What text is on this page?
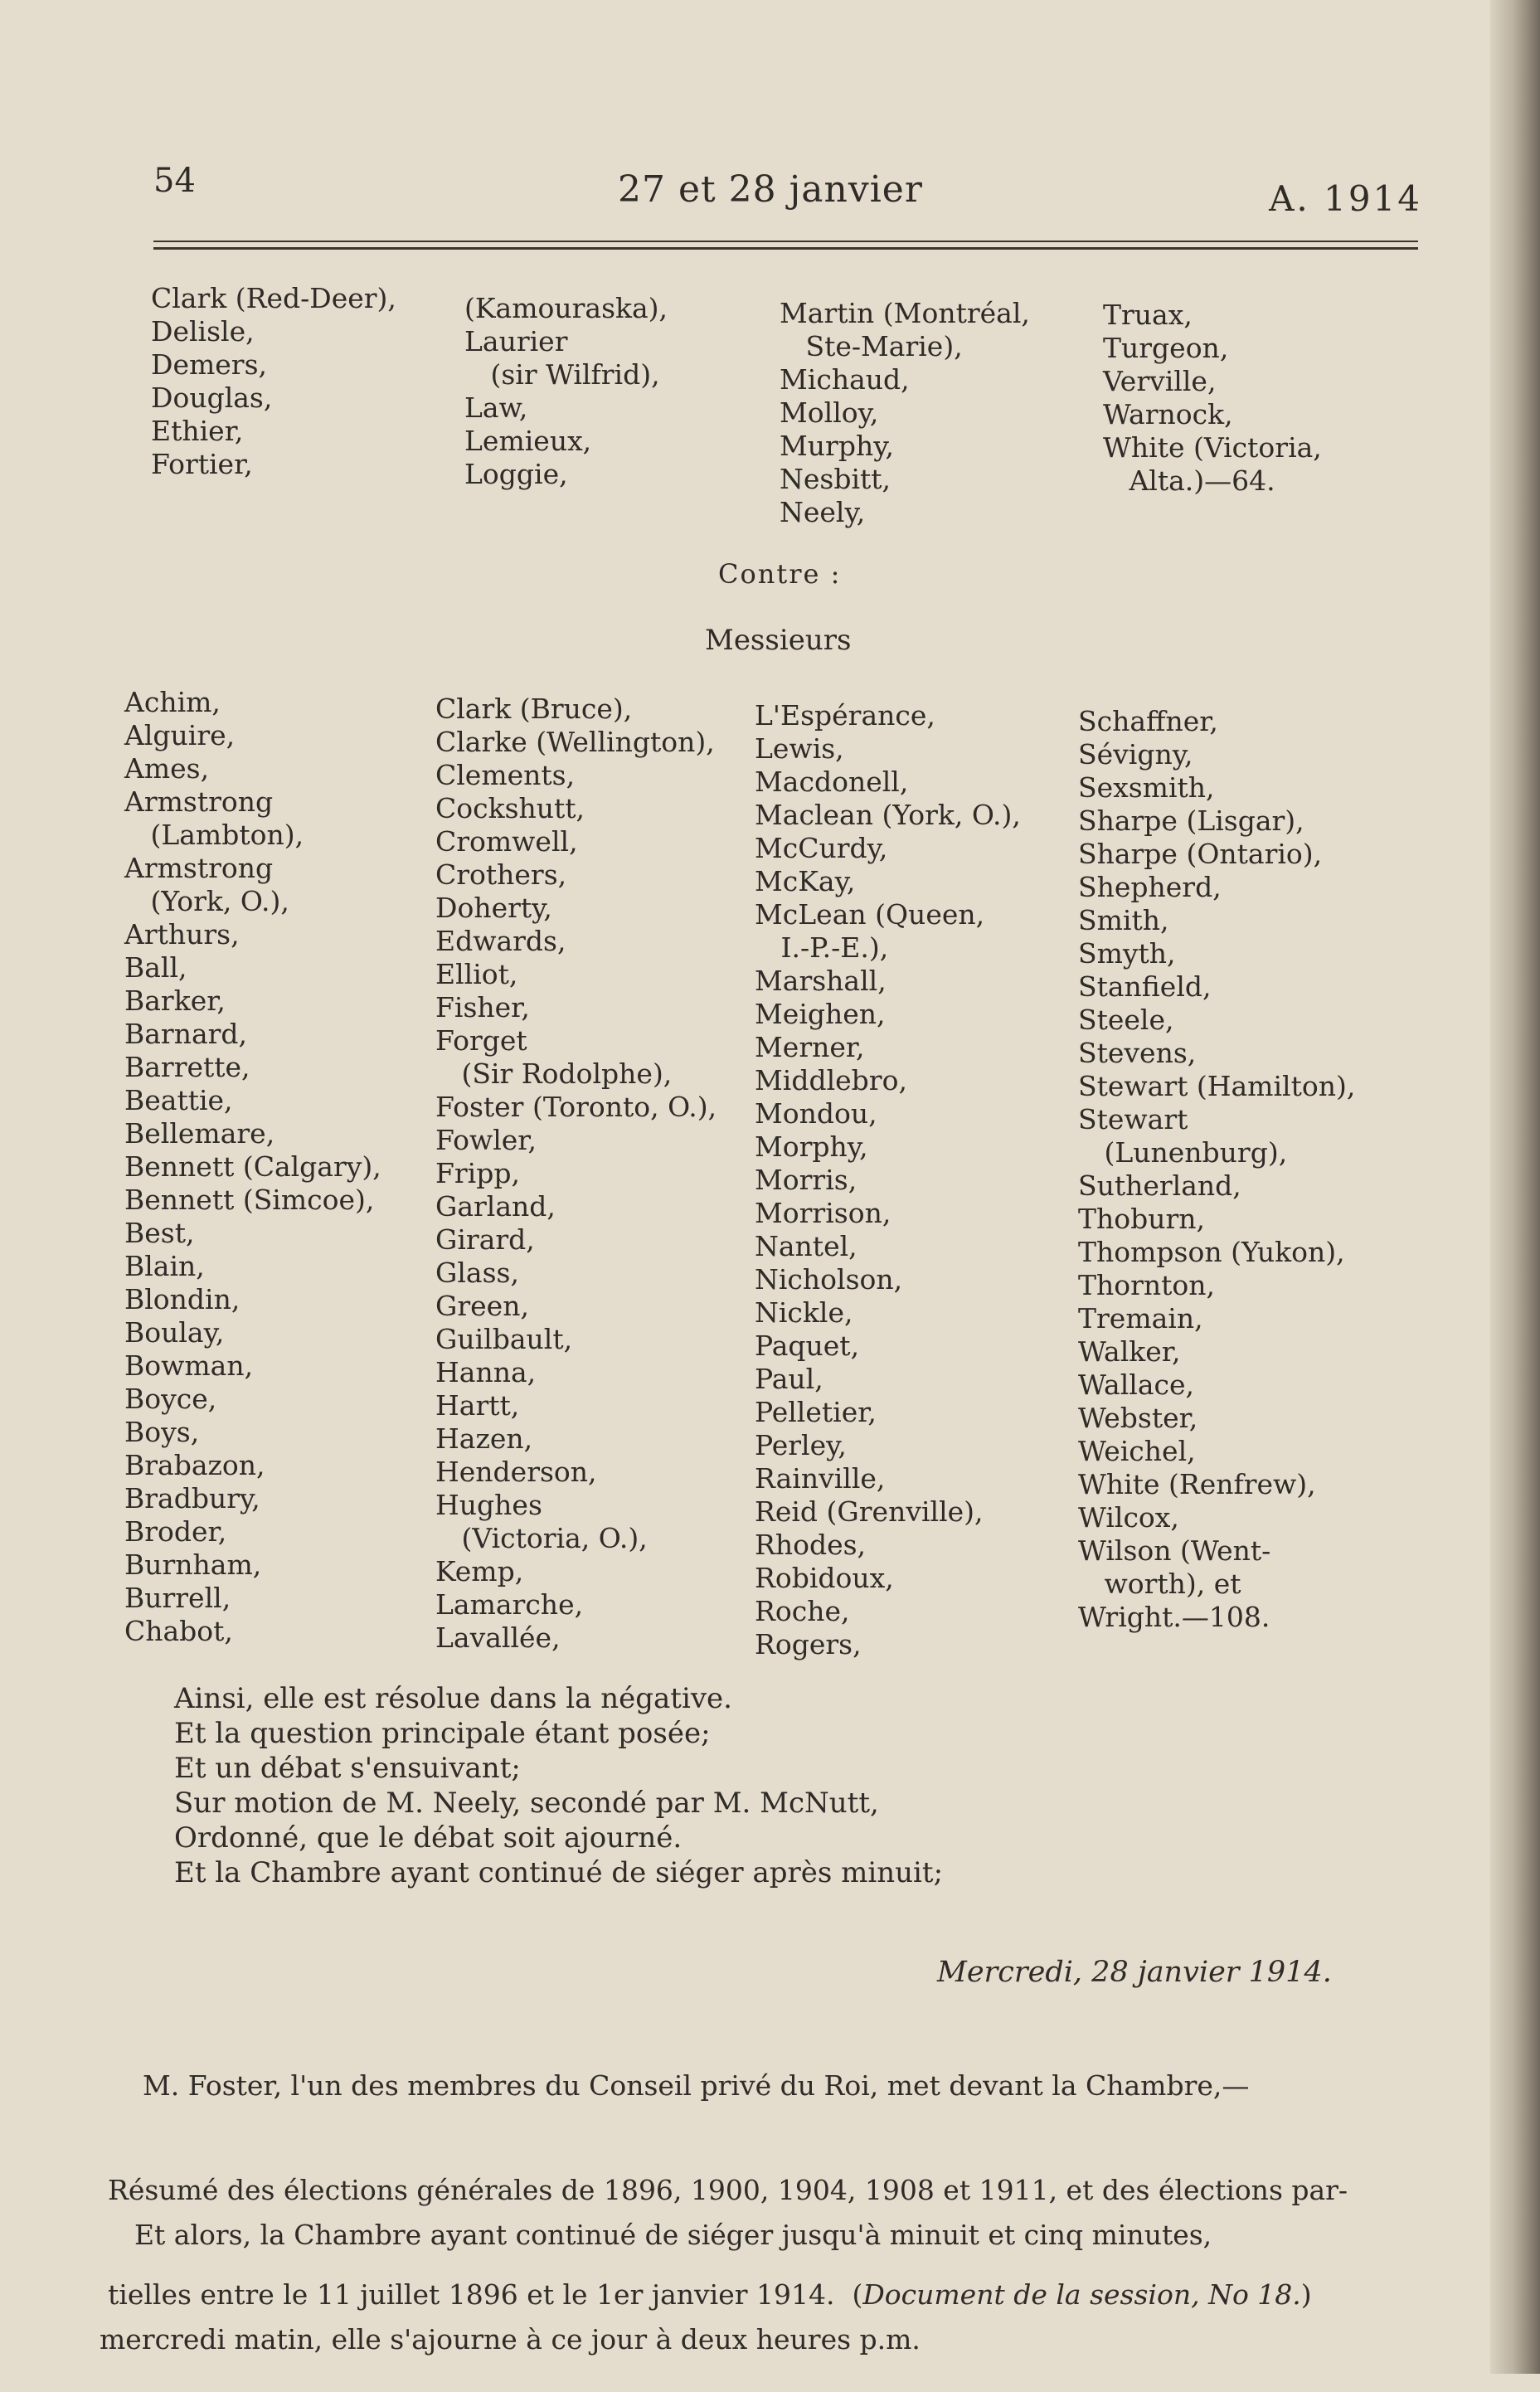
54	27 et 28 janvier	A. 1914
Clark (Red-Deer),
Delisle,
Demers,
Douglas,
Ethier,
Fortier,
(Kamouraska),
Laurier
(sir Wilfrid),
Law,
Lemieux,
Loggie,
Martin (Montréal,
Ste-Marie),
Michaud,
Molloy,
Murphy,
Nesbitt,
Neely,
Truax,
Turgeon,
Verville,
Warnock,
White (Victoria,
Alta.)—64.
Contre :
Messieurs
Achim,
Alguire,
Ames,
Armstrong
(Lambton),
Armstrong
(York, O.),
Arthurs,
Ball,
Barker,
Barnard,
Barrette,
Beattie,
Bellemare,
Bennett (Calgary),
Bennett (Simcoe),
Best,
Blain,
Blondin,
Boulay,
Bowman,
Boyce,
Boys,
Brabazon,
Bradbury,
Broder,
Burnham,
Burrell,
Chabot,
Clark (Bruce),
Clarke (Wellington),
Clements,
Cockshutt,
Cromwell,
Crothers,
Doherty,
Edwards,
Elliot,
Fisher,
Forget
(Sir Rodolphe),
Foster (Toronto, O.),
Fowler,
Fripp,
Garland,
Girard,
Glass,
Green,
Guilbault,
Hanna,
Hartt,
Hazen,
Henderson,
Hughes
(Victoria, O.),
Kemp,
Lamarche,
Lavallée,
L'Espérance,
Lewis,
Macdonell,
Maclean (York, O.),
McCurdy,
McKay,
McLean (Queen,
I.-P.-E.),
Marshall,
Meighen,
Merner,
Middlebro,
Mondou,
Morphy,
Morris,
Morrison,
Nantel,
Nicholson,
Nickle,
Paquet,
Paul,
Pelletier,
Perley,
Rainville,
Reid (Grenville),
Rhodes,
Robidoux,
Roche,
Rogers,
Schaffner,
Sévigny,
Sexsmith,
Sharpe (Lisgar),
Sharpe (Ontario),
Shepherd,
Smith,
Smyth,
Stanfield,
Steele,
Stevens,
Stewart (Hamilton),
Stewart
(Lunenburg),
Sutherland,
Thoburn,
Thompson (Yukon),
Thornton,
Tremain,
Walker,
Wallace,
Webster,
Weichel,
White (Renfrew),
Wilcox,
Wilson (Went-
worth), et
Wright.—108.
Ainsi, elle est résolue dans la négative.
Et la question principale étant posée;
Et un débat s'ensuivant;
Sur motion de M. Neely, secondé par M. McNutt,
Ordonné, que le débat soit ajourné.
Et la Chambre ayant continué de siéger après minuit;
Mercredi, 28 janvier 1914.

M. Foster, l'un des membres du Conseil privé du Roi, met devant la Chambre,—

Résumé des élections générales de 1896, 1900, 1904, 1908 et 1911, et des élections par-

tielles entre le 11 juillet 1896 et le 1er janvier 1914.  (Document de la session, No 18.)

Et alors, la Chambre ayant continué de siéger jusqu'à minuit et cinq minutes,

mercredi matin, elle s'ajourne à ce jour à deux heures p.m.
